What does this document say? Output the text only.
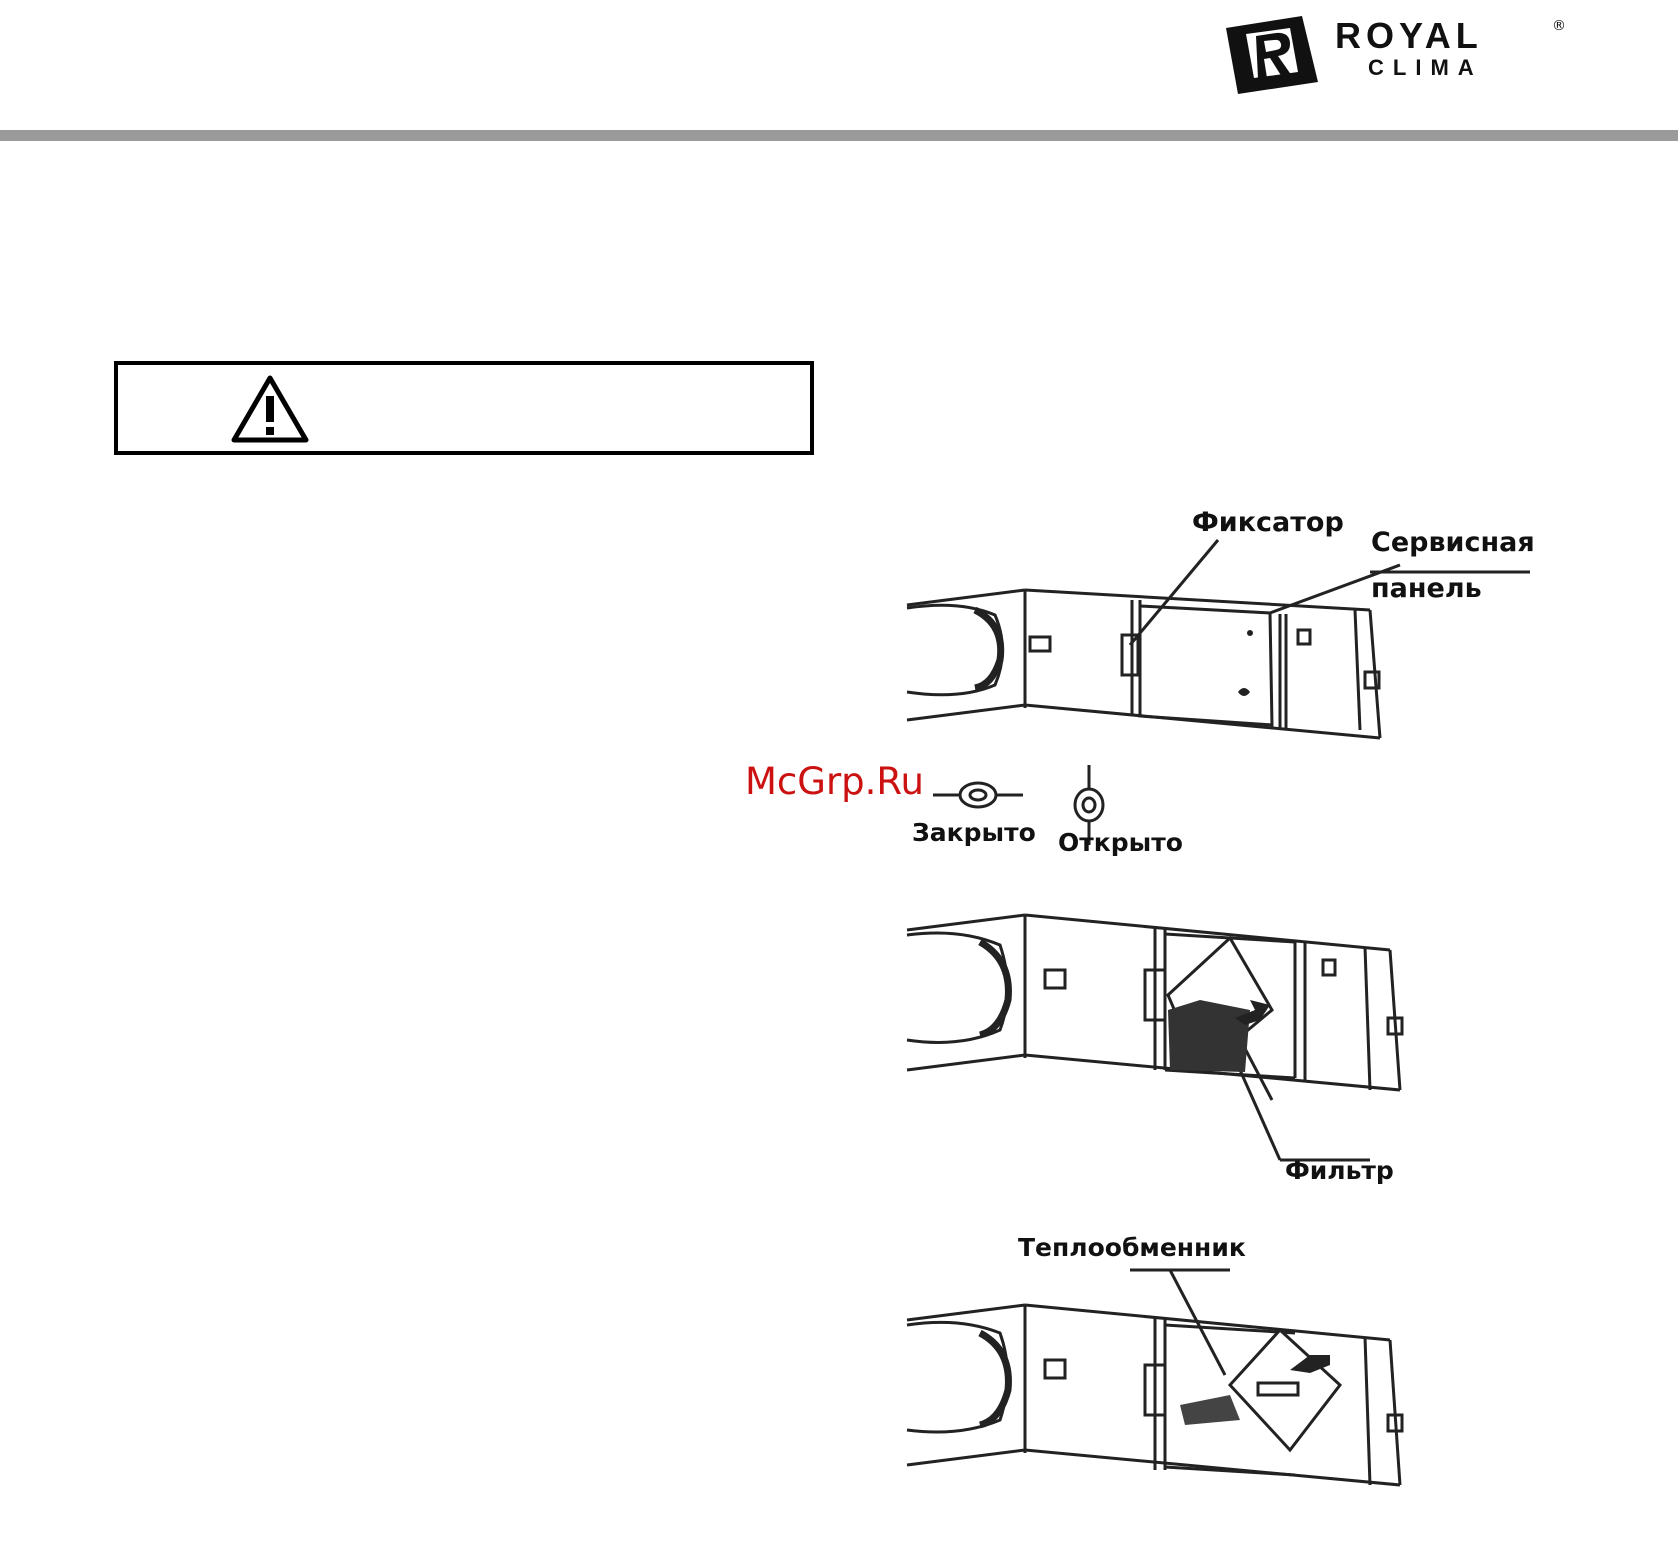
ROYAL
CLIMA
®
Фиксатор
Сервисная
панель
Закрыто Открыто
McGrp.Ru
Фильтр
Теплообменник
